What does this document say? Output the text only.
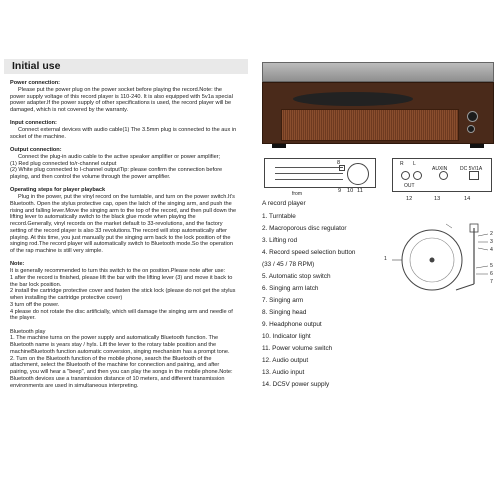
Initial use

Power connection:

Please put the power plug on the power socket before playing the record.Note: the

power supply voltage of this record player is 110-240. It is also equipped with 5v1a special

power adapter.If the power supply of other specifications is used, the record player will be

damaged, which is not covered by the warranty.

Input connection:

Connect external devices with audio cable(1) The 3.5mm plug is connected to the aux in

socket of the machine.

Output connection:

Connect the plug-in audio cable to the active speaker amplifier or power amplifier;

(1) Red plug connected to/r-channel output

(2) White plug connected to l-channel outputTip: please confirm the connection before

playing, and then control the volume through the power amplifier.

Operating steps for player playback

Plug in the power, put the vinyl record on the turntable, and turn on the power switch.It's

Bluetooth. Open the stylus protective cap, open the latch of the singing arm, and push the

rising and falling lever.Move the singing arm to the top of the record, and then pull down the

lifting lever to automatically switch to the black glue mode when playing the

record.Generally, vinyl records on the market default to 33-revolutions, and the factory

setting of the record player is also 33 revolutions.The record will stop automatically after

playing. At this time, you just manually put the singing arm back to the lock position of the

singing rod.The record player will automatically switch to Bluetooth mode.So the operation

of the rap machine is still very simple.

Note:

It is generally recommended to turn this switch to the on position.Please note after use:

1 after the record is finished, please lift the bar with the lifting lever (3) and move it back to

the bar lock position.

2 install the cartridge protective cover and fasten the stick lock (please do not get the stylus

when installing the cartridge protective cover)

3 turn off the power.

4 please do not rotate the disc artificially, which will damage the singing arm and needle of

the player.

Bluetooth play

1. The machine turns on the power supply and automatically Bluetooth function. The

Bluetooth name is years stay / hyls. Lift the lever to the rotary table position and the

machineBluetooth function automatic conversion, singing mechanism has a prompt tone.

2. Turn on the Bluetooth function of the mobile phone, search the Bluetooth of the

attachment, select the Bluetooth of the machine for connection and pairing, and after

pairing, you will hear a "beep", and then you can play the songs in the mobile phone.Note:

Bluetooth devices use a transmission distance of 10 meters, and different transmission

environments are used in simultaneous interpreting.

from	9 10 11
8	R L
OUT
AUXIN	DC 5V/1A
12	13	14
A record player
1. Turntable
2. Macroporous disc regulator
3. Lifting rod
4. Record speed selection button
(33 / 45 / 78 RPM)
5. Automatic stop switch
6. Singing arm latch
7. Singing arm
8. Singing head
9. Headphone output
10. Indicator light
11. Power volume switch
12. Audio output
13. Audio input
14. DC5V power supply
1
2
3
4
5
6
7
